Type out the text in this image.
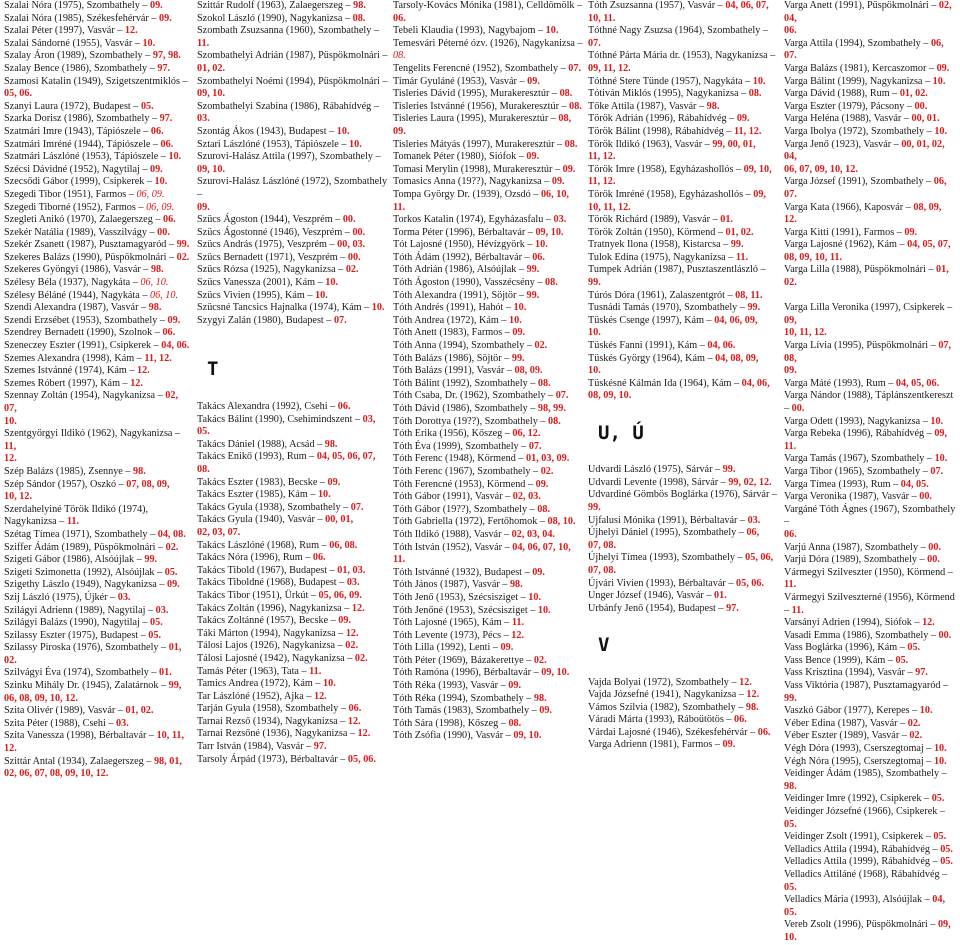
Szalai Nóra (1975), Szombathely – 09.
Szalai Nóra (1985), Székesfehérvár – 09.
Szalai Péter (1997), Vasvár – 12.
Szalai Sándorné (1955), Vasvár – 10.
Szalay Áron (1989), Szombathely – 97, 98.
Szalay Bence (1986), Szombathely – 97.
Szamosi Katalin (1949), Szigetszentmiklós –
05, 06.
Szanyi Laura (1972), Budapest – 05.
Szarka Dorisz (1986), Szombathely – 97.
Szatmári Imre (1943), Tápiószele – 06.
Szatmári Imréné (1944), Tápiószele – 06.
Szatmári Lászlóné (1953), Tápiószele – 10.
Szécsi Dávidné (1952), Nagytilaj – 09.
Szecsődi Gábor (1999), Csipkerek – 10.
Szegedi Tibor (1951), Farmos – 06, 09.
Szegedi Tiborné (1952), Farmos – 06, 09.
Szegleti Anikó (1970), Zalaegerszeg – 06.
Szekér Natália (1989), Vasszilvágy – 00.
Szekér Zsanett (1987), Pusztamagyaród – 99.
Szekeres Balázs (1990), Püspökmolnári – 02.
Szekeres Gyöngyi (1986), Vasvár – 98.
Szélesy Béla (1937), Nagykáta – 06, 10.
Szélesy Béláné (1944), Nagykáta – 06, 10.
Szendi Alexandra (1987), Vasvár – 98.
Szendi Erzsébet (1953), Szombathely – 09.
Szendrey Bernadett (1990), Szolnok – 06.
Szeneczey Eszter (1991), Csipkerek – 04, 06.
Szemes Alexandra (1998), Kám – 11, 12.
Szemes Istvánné (1974), Kám – 12.
Szemes Róbert (1997), Kám – 12.
Szennay Zoltán (1954), Nagykanizsa – 02, 07,
10.
Szentgyörgyi Ildikó (1962), Nagykanizsa – 11,
12.
Szép Balázs (1985), Zsennye – 98.
Szép Sándor (1957), Oszkó – 07, 08, 09,
10, 12.
Szerdahelyiné Török Ildikó (1974),
Nagykanizsa – 11.
Szétag Tímea (1971), Szombathely – 04, 08.
Sziffer Ádám (1989), Püspökmolnári – 02.
Szigeti Gábor (1986), Alsóújlak – 99.
Szigeti Szimonetta (1992), Alsóújlak – 05.
Szigethy Lászlo (1949), Nagykanizsa – 09.
Szij László (1975), Újkér – 03.
Szilágyi Adrienn (1989), Nagytilaj – 03.
Szilágyi Balázs (1990), Nagytilaj – 05.
Szilassy Eszter (1975), Budapest – 05.
Szilassy Piroska (1976), Szombathely – 01,
02.
Szilvágyi Éva (1974), Szombathely – 01.
Szinku Mihály Dr. (1945), Zalatárnok – 99,
06, 08, 09, 10, 12.
Szita Olivér (1989), Vasvár – 01, 02.
Szita Péter (1988), Csehi – 03.
Szita Vanessza (1998), Bérbaltavár – 10, 11,
12.
Szittár Antal (1934), Zalaegerszeg – 98, 01,
02, 06, 07, 08, 09, 10, 12.
Szittár Rudolf (1963), Zalaegerszeg – 98.
Szokol László (1990), Nagykanizsa – 08.
Szombath Zsuzsanna (1960), Szombathely –
11.
Szombathelyi Adrián (1987), Püspökmolnári –
01, 02.
Szombathelyi Noémi (1994), Püspökmolnári –
09, 10.
Szombathelyi Szabina (1986), Rábahídvég –
03.
Szontág Ákos (1943), Budapest – 10.
Sztari Lászlóné (1953), Tápiószele – 10.
Szurovi-Halász Attila (1997), Szombathely –
09, 10.
Szurovi-Halász Lászlóné (1972), Szombathely –
09.
Szücs Ágoston (1944), Veszprém – 00.
Szücs Ágostonné (1946), Veszprém – 00.
Szücs András (1975), Veszprém – 00, 03.
Szücs Bernadett (1971), Veszprém – 00.
Szücs Rózsa (1925), Nagykanizsa – 02.
Szücs Vanessza (2001), Kám – 10.
Szücs Vivien (1995), Kám – 10.
Szücsné Tancsics Hajnalka (1974), Kám – 10.
Szygyi Zalán (1980), Budapest – 07.
T
Takács Alexandra (1992), Csehi – 06.
Takács Bálint (1990), Csehimindszent – 03,
05.
Takács Dániel (1988), Acsád – 98.
Takács Enikő (1993), Rum – 04, 05, 06, 07,
08.
Takács Eszter (1983), Becske – 09.
Takács Eszter (1985), Kám – 10.
Takács Gyula (1938), Szombathely – 07.
Takács Gyula (1940), Vasvár – 00, 01,
02, 03, 07.
Takács Lászlóné (1968), Rum – 06, 08.
Takács Nóra (1996), Rum – 06.
Takács Tibold (1967), Budapest – 01, 03.
Takács Tiboldné (1968), Budapest – 03.
Takács Tibor (1951), Ürkút – 05, 06, 09.
Takács Zoltán (1996), Nagykanizsa – 12.
Takács Zoltánné (1957), Becske – 09.
Táki Márton (1994), Nagykanizsa – 12.
Tálosi Lajos (1926), Nagykanizsa – 02.
Tálosi Lajosné (1942), Nagykanizsa – 02.
Tamás Péter (1963), Tata – 11.
Tamics Andrea (1972), Kám – 10.
Tar Lászlóné (1952), Ajka – 12.
Tarján Gyula (1958), Szombathely – 06.
Tarnai Rezső (1934), Nagykanizsa – 12.
Tarnai Rezsőné (1936), Nagykanizsa – 12.
Tarr István (1984), Vasvár – 97.
Tarsoly Árpád (1973), Bérbaltavár – 05, 06.
Tarsoly-Kovács Mónika (1981), Celldömölk –
06.
Tebeli Klaudia (1993), Nagybajom – 10.
Temesvári Péterné ózv. (1926), Nagykanizsa –
08.
Tengelits Ferencné (1952), Szombathely – 07.
Timár Gyuláné (1953), Vasvár – 09.
Tisleries Dávid (1995), Murakeresztúr – 08.
Tisleries Istvánné (1956), Murakeresztúr – 08.
Tisleries Laura (1995), Murakeresztúr – 08,
09.
Tisleries Mátyás (1997), Murakeresztúr – 08.
Tomanek Péter (1980), Siófok – 09.
Tomasi Merylin (1998), Murakeresztúr – 09.
Tomasics Anna (19??), Nagykanizsa – 09.
Tompa György Dr. (1939), Ozsdó – 06, 10,
11.
Torkos Katalin (1974), Egyházasfalu – 03.
Torma Péter (1996), Bérbaltavár – 09, 10.
Tót Lajosné (1950), Hévízgyörk – 10.
Tóth Ádám (1992), Bérbaltavár – 06.
Tóth Adrián (1986), Alsóújlak – 99.
Tóth Ágoston (1990), Vasszécsény – 08.
Tóth Alexandra (1991), Söjtör – 99.
Tóth Andrés (1991), Hahót – 10.
Tóth Andrea (1972), Kám – 10.
Tóth Anett (1983), Farmos – 09.
Tóth Anna (1994), Szombathely – 02.
Tóth Balázs (1986), Söjtör – 99.
Tóth Balázs (1991), Vasvár – 08, 09.
Tóth Bálint (1992), Szombathely – 08.
Tóth Csaba, Dr. (1962), Szombathely – 07.
Tóth Dávid (1986), Szombathely – 98, 99.
Tóth Dorottya (19??), Szombathely – 08.
Tóth Erika (1956), Kőszeg – 06, 12.
Tóth Éva (1999), Szombathely – 07.
Tóth Ferenc (1948), Körmend – 01, 03, 09.
Tóth Ferenc (1967), Szombathely – 02.
Tóth Ferencné (1953), Körmend – 09.
Tóth Gábor (1991), Vasvár – 02, 03.
Tóth Gábor (19??), Szombathely – 08.
Tóth Gabriella (1972), Fertőhomok – 08, 10.
Tóth Ildikó (1988), Vasvár – 02, 03, 04.
Tóth István (1952), Vasvár – 04, 06, 07, 10,
11.
Tóth Istvánné (1932), Budapest – 09.
Tóth János (1987), Vasvár – 98.
Tóth Jenő (1953), Szécsisziget – 10.
Tóth Jenőné (1953), Szécsisziget – 10.
Tóth Lajosné (1965), Kám – 11.
Tóth Levente (1973), Pécs – 12.
Tóth Lilla (1992), Lenti – 09.
Tóth Péter (1969), Bázakerettye – 02.
Tóth Ramóna (1996), Bérbaltavár – 09, 10.
Tóth Réka (1993), Vasvár – 09.
Tóth Réka (1994), Szombathely – 98.
Tóth Tamás (1983), Szombathely – 09.
Tóth Sára (1998), Kőszeg – 08.
Tóth Zsófia (1990), Vasvár – 09, 10.
Tóth Zsuzsanna (1957), Vasvár – 04, 06, 07,
10, 11.
Tóthné Nagy Zsuzsa (1964), Szombathely –
07.
Tóthné Párta Mária dr. (1953), Nagykanizsa –
09, 11, 12.
Tóthné Stere Tünde (1957), Nagykáta – 10.
Tótiván Miklós (1995), Nagykanizsa – 08.
Tőke Attila (1987), Vasvár – 98.
Török Adrián (1996), Rábahídvég – 09.
Török Bálint (1998), Rábahídvég – 11, 12.
Török Ildikó (1963), Vasvár – 99, 00, 01,
11, 12.
Török Imre (1958), Egyházashollós – 09, 10,
11, 12.
Török Imréné (1958), Egyházashollós – 09,
10, 11, 12.
Török Richárd (1989), Vasvár – 01.
Török Zoltán (1950), Körmend – 01, 02.
Tratnyek Ilona (1958), Kistarcsa – 99.
Tulok Edina (1975), Nagykanizsa – 11.
Tumpek Adrián (1987), Pusztaszentlászló – 99.
Túrós Dóra (1961), Zalaszentgrót – 08, 11.
Tusnádi Tamás (1970), Szombathely – 99.
Tüskés Csenge (1997), Kám – 04, 06, 09,
10.
Tüskés Fanni (1991), Kám – 04, 06.
Tüskés György (1964), Kám – 04, 08, 09,
10.
Tüskésné Kálmán Ida (1964), Kám – 04, 06,
08, 09, 10.
U, Ú
Udvardi László (1975), Sárvár – 99.
Udvardi Levente (1998), Sárvár – 99, 02, 12.
Udvardiné Gömbös Boglárka (1976), Sárvár –
99.
Ujfalusi Mónika (1991), Bérbaltavár – 03.
Újhelyi Dániel (1995), Szombathely – 06,
07, 08.
Újhelyi Tímea (1993), Szombathely – 05, 06,
07, 08.
Újvári Vivien (1993), Bérbaltavár – 05, 06.
Unger József (1946), Vasvár – 01.
Urbánfy Jenő (1954), Budapest – 97.
V
Vajda Bolyai (1972), Szombathely – 12.
Vajda Józsefné (1941), Nagykanizsa – 12.
Vámos Szilvia (1982), Szombathely – 98.
Váradi Márta (1993), Ráboütötös – 06.
Várdai Lajosné (1946), Székesfehérvár – 06.
Varga Adrienn (1981), Farmos – 09.
Varga Anett (1991), Püspökmolnári – 02, 04,
06.
Varga Attila (1994), Szombathely – 06, 07.
Varga Balázs (1981), Kercaszomor – 09.
Varga Bálint (1999), Nagykanizsa – 10.
Varga Dávid (1988), Rum – 01, 02.
Varga Eszter (1979), Pácsony – 00.
Varga Heléna (1988), Vasvár – 00, 01.
Varga Ibolya (1972), Szombathely – 10.
Varga Jenő (1923), Vasvár – 00, 01, 02, 04,
06, 07, 09, 10, 12.
Varga József (1991), Szombathely – 06, 07.
Varga Kata (1966), Kaposvár – 08, 09, 12.
Varga Kitti (1991), Farmos – 09.
Varga Lajosné (1962), Kám – 04, 05, 07,
08, 09, 10, 11.
Varga Lilla (1988), Püspökmolnári – 01, 02.
Varga Lilla Veronika (1997), Csipkerek – 09,
10, 11, 12.
Varga Lívia (1995), Püspökmolnári – 07, 08,
09.
Varga Máté (1993), Rum – 04, 05, 06.
Varga Nándor (1988), Táplánszentkereszt – 00.
Varga Odett (1993), Nagykanizsa – 10.
Varga Rebeka (1996), Rábahídvég – 09, 11.
Varga Tamás (1967), Szombathely – 10.
Varga Tibor (1965), Szombathely – 07.
Varga Tímea (1993), Rum – 04, 05.
Varga Veronika (1987), Vasvár – 00.
Vargáné Tóth Ágnes (1967), Szombathely –
06.
Varjú Anna (1987), Szombathely – 00.
Varjú Dóra (1989), Szombathely – 00.
Vármegyi Szilveszter (1950), Körmend – 11.
Vármegyi Szilveszterné (1956), Körmend – 11.
Varsányi Adrien (1994), Siófok – 12.
Vasadi Emma (1986), Szombathely – 00.
Vass Boglárka (1996), Kám – 05.
Vass Bence (1999), Kám – 05.
Vass Krisztina (1994), Vasvár – 97.
Vass Viktória (1987), Pusztamagyaród – 99.
Vaszkó Gábor (1977), Kerepes – 10.
Véber Edina (1987), Vasvár – 02.
Véber Eszter (1989), Vasvár – 02.
Végh Dóra (1993), Cserszegtomaj – 10.
Végh Nóra (1995), Cserszegtomaj – 10.
Veidinger Ádám (1985), Szombathely – 98.
Veidinger Imre (1992), Csipkerek – 05.
Veidinger Józsefné (1966), Csipkerek – 05.
Veidinger Zsolt (1991), Csipkerek – 05.
Velladics Attila (1994), Rábahídvég – 05.
Velladics Attila (1999), Rábahídvég – 05.
Velladics Attiláné (1968), Rábahídvég – 05.
Velladics Mária (1993), Alsóújlak – 04, 05.
Vereb Zsolt (1996), Püspökmolnári – 09, 10.
